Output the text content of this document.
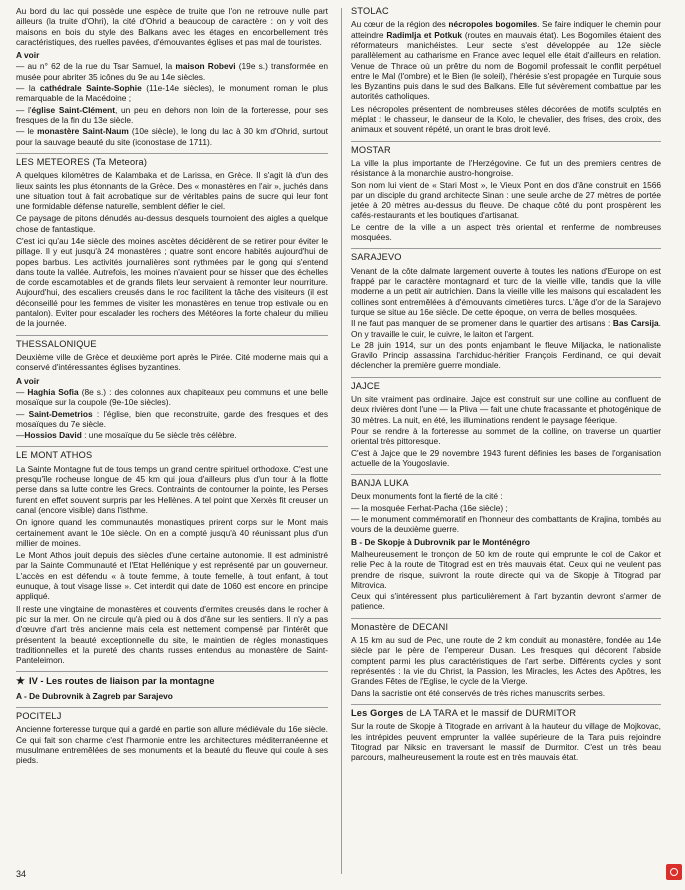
Au bord du lac qui possède une espèce de truite que l'on ne retrouve nulle part ailleurs (la truite d'Ohri), la cité d'Ohrid a beaucoup de caractère : on y voit des maisons en bois du style des Balkans avec les étages en encorbellement très caractéristiques, des ruelles pavées, d'émouvantes églises et pas mal de touristes.

A voir

— au n° 62 de la rue du Tsar Samuel, la maison Robevi (19e s.) transformée en musée pour abriter 35 icônes du 9e au 14e siècles.

— la cathédrale Sainte-Sophie (11e-14e siècles), le monument roman le plus remarquable de la Macédoine ;

— l'église Saint-Clément, un peu en dehors non loin de la forteresse, pour ses fresques de la fin du 13e siècle.

— le monastère Saint-Naum (10e siècle), le long du lac à 30 km d'Ohrid, surtout pour la sauvage beauté du site (iconostase de 1711).

LES METEORES (Ta Meteora)

A quelques kilomètres de Kalambaka et de Larissa, en Grèce. Il s'agit là d'un des lieux saints les plus étonnants de la Grèce. Des « monastères en l'air », juchés dans une situation tout à fait acrobatique sur de véritables pains de sucre qui leur font une formidable défense naturelle, semblent défier le ciel.

Ce paysage de pitons dénudés au-dessus desquels tournoient des aigles a quelque chose de fantastique.

C'est ici qu'au 14e siècle des moines ascètes décidèrent de se retirer pour éviter le pillage. Il y eut jusqu'à 24 monastères ; quatre sont encore habités aujourd'hui de popes barbus. Les activités journalières sont rythmées par le gong qui s'entend dans toute la vallée. Autrefois, les moines n'avaient pour se hisser que des échelles de corde escamotables et de grands filets leur servaient à remonter leur nourriture. Aujourd'hui, des escaliers creusés dans le roc facilitent la tâche des visiteurs (il est déconseillé pour les femmes de visiter les monastères en tenue trop estivale ou en pantalon). Eviter pour escalader les rochers des Météores la forte chaleur du milieu de la journée.

THESSALONIQUE

Deuxième ville de Grèce et deuxième port après le Pirée. Cité moderne mais qui a conservé d'intéressantes églises byzantines.

A voir

— Haghia Sofia (8e s.) : des colonnes aux chapiteaux peu communs et une belle mosaïque sur la coupole (9e-10e siècles).

— Saint-Demetrios : l'église, bien que reconstruite, garde des fresques et des mosaïques du 7e siècle.

—Hossios David : une mosaïque du 5e siècle très célèbre.

LE MONT ATHOS

La Sainte Montagne fut de tous temps un grand centre spirituel orthodoxe. C'est une presqu'île rocheuse longue de 45 km qui joua d'ailleurs plus d'un tour à la flotte perse dans sa lutte contre les Grecs. Contraints de contourner la pointe, les Perses furent en effet souvent surpris par les Hellènes. A tel point que Xerxès fit creuser un canal (encore visible) dans l'isthme.

On ignore quand les communautés monastiques prirent corps sur le Mont mais certainement avant le 10e siècle. On en a compté jusqu'à 40 réunissant plus d'un millier de moines.

Le Mont Athos jouit depuis des siècles d'une certaine autonomie. Il est administré par la Sainte Communauté et l'Etat Hellénique y est représenté par un gouverneur. L'accès en est défendu « à toute femme, à toute femelle, à tout enfant, à tout eunuque, à tout visage lisse ». Cet interdit qui date de 1060 est encore en principe appliqué.

Il reste une vingtaine de monastères et couvents d'ermites creusés dans le rocher à pic sur la mer. On ne circule qu'à pied ou à dos d'âne sur les sentiers. Il n'y a pas d'œuvre d'art très ancienne mais cela est nettement compensé par l'intérêt que présentent la beauté exceptionnelle du site, le maintien de règles monastiques traditionnelles et la pureté des chants russes entendus au monastère de Saint-Panteleimon.

★ IV - Les routes de liaison par la montagne
A - De Dubrovnik à Zagreb par Sarajevo
POCITELJ

Ancienne forteresse turque qui a gardé en partie son allure médiévale du 16e siècle. Ce qui fait son charme c'est l'harmonie entre les architectures méditerranéenne et musulmane entremêlées de ses monuments et la beauté du fleuve qui coule à ses pieds.

STOLAC

Au cœur de la région des nécropoles bogomiles. Se faire indiquer le chemin pour atteindre Radimlja et Potkuk (routes en mauvais état). Les Bogomiles étaient des réformateurs manichéistes. Leur secte s'est développée au 12e siècle parallèlement au catharisme en France avec lequel elle était d'ailleurs en relation. Venue de Thrace où un prêtre du nom de Bogomil professait le conflit perpétuel entre le Mal (l'ombre) et le Bien (le soleil), l'hérésie s'est propagée en Turquie sous les Byzantins puis dans le sud des Balkans. Elle fut sévèrement combattue par les autorités catholiques.

Les nécropoles présentent de nombreuses stèles décorées de motifs sculptés en méplat : le chasseur, le danseur de la Kolo, le chevalier, des frises, des croix, des animaux et souvent répété, un orant le bras droit levé.

MOSTAR

La ville la plus importante de l'Herzégovine. Ce fut un des premiers centres de résistance à la monarchie austro-hongroise.

Son nom lui vient de « Stari Most », le Vieux Pont en dos d'âne construit en 1566 par un disciple du grand architecte Sinan : une seule arche de 27 mètres de portée jetée à 20 mètres au-dessus du fleuve. De chaque côté du pont prospèrent les cafés-restaurants et les boutiques d'artisanat.

Le centre de la ville a un aspect très oriental et renferme de nombreuses mosquées.

SARAJEVO

Venant de la côte dalmate largement ouverte à toutes les nations d'Europe on est frappé par le caractère montagnard et turc de la vieille ville, tandis que la ville moderne a un petit air autrichien. Dans la vieille ville les maisons qui escaladent les collines sont entremêlées à d'émouvants cimetières turcs. L'âge d'or de la Sarajevo turque se situe au 16e siècle. De cette époque, on verra de belles mosquées.

Il ne faut pas manquer de se promener dans le quartier des artisans : Bas Carsija. On y travaille le cuir, le cuivre, le laiton et l'argent.

Le 28 juin 1914, sur un des ponts enjambant le fleuve Miljacka, le nationaliste Gravilo Princip assassina l'archiduc-héritier François Ferdinand, ce qui devait déclencher la première guerre mondiale.

JAJCE

Un site vraiment pas ordinaire. Jajce est construit sur une colline au confluent de deux rivières dont l'une — la Pliva — fait une chute fracassante et photogénique de 30 mètres. La nuit, en été, les illuminations rendent le paysage féerique.

Pour se rendre à la forteresse au sommet de la colline, on traverse un quartier oriental très pittoresque.

C'est à Jajce que le 29 novembre 1943 furent définies les bases de l'organisation actuelle de la Yougoslavie.

BANJA LUKA

Deux monuments font la fierté de la cité :

— la mosquée Ferhat-Pacha (16e siècle) ;

— le monument commémoratif en l'honneur des combattants de Krajina, tombés au vours de la deuxième guerre.

B - De Skopje à Dubrovnik par le Monténégro

Malheureusement le tronçon de 50 km de route qui emprunte le col de Cakor et relie Pec à la route de Titograd est en très mauvais état. Ceux qui ne veulent pas prendre de risque, suivront la route directe qui va de Skopje à Titograd par Mitrovica.

Ceux qui s'intéressent plus particulièrement à l'art byzantin devront s'armer de patience.

Monastère de DECANI

A 15 km au sud de Pec, une route de 2 km conduit au monastère, fondée au 14e siècle par le père de l'empereur Dusan. Les fresques qui décorent l'abside comptent parmi les plus caractéristiques de l'art serbe. Différents cycles y sont représentés : la vie du Christ, la Passion, les Miracles, les Actes des Apôtres, les Grandes Fêtes de l'Eglise, le cycle de la Vierge.

Dans la sacristie ont été conservés de très riches manuscrits serbes.

Les Gorges de LA TARA et le massif de DURMITOR

Sur la route de Skopje à Titograde en arrivant à la hauteur du village de Mojkovac, les intrépides peuvent emprunter la vallée supérieure de la Tara puis rejoindre Titograd par Niksic en traversant le massif de Durmitor. C'est un très beau parcours, malheureusement la route est en très mauvais état.

34
